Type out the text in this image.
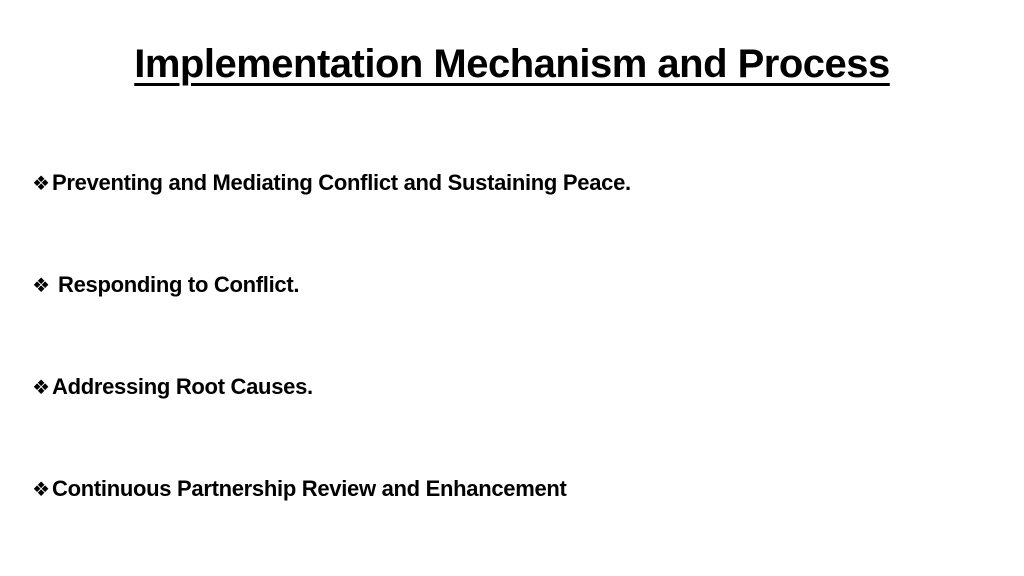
Implementation Mechanism and Process
❖Preventing and Mediating Conflict and Sustaining Peace.
❖ Responding to Conflict.
❖Addressing Root Causes.
❖Continuous Partnership Review and Enhancement
